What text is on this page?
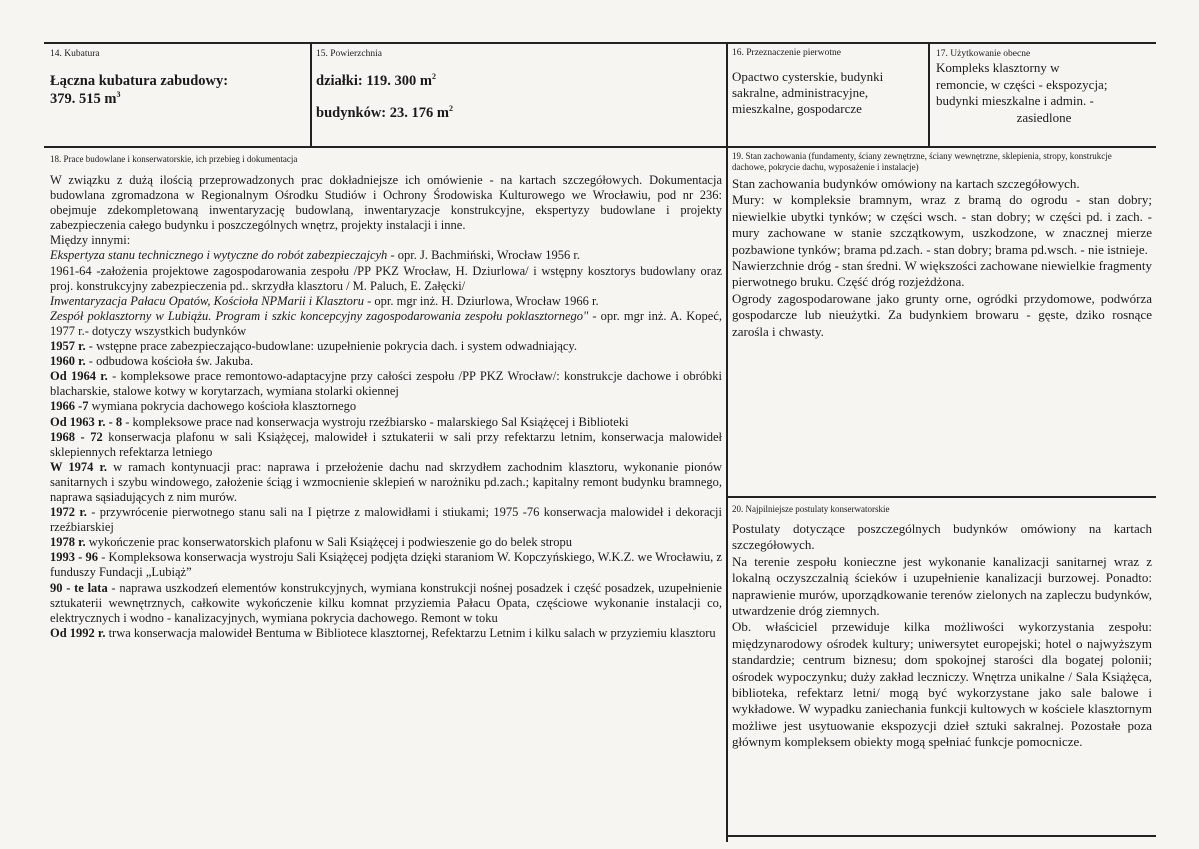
14. Kubatura

Łączna kubatura zabudowy:
379. 515 $m^3$

15. Powierzchnia

działki: 119. 300 $m^2$
budynków: 23. 176 $m^2$

16. Przeznaczenie pierwotne

Opactwo cysterskie, budynki
sakralne, administracyjne,
mieszkalne, gospodarcze

17. Użytkowanie obecne

Kompleks klasztorny w
remoncie, w części - ekspozycja;
budynki mieszkalne i admin. -
zasiedlone

18. Prace budowlane i konserwatorskie, ich przebieg i dokumentacja

W związku z dużą ilością przeprowadzonych prac dokładniejsze ich omówienie - na kartach szczegółowych. Dokumentacja budowlana zgromadzona w Regionalnym Ośrodku Studiów i Ochrony Środowiska Kulturowego we Wrocławiu, pod nr 236: obejmuje zdekompletowaną inwentaryzację budowlaną, inwentaryzacje konstrukcyjne, ekspertyzy budowlane i projekty zabezpieczenia całego budynku i poszczególnych wnętrz, projekty instalacji i inne.

Między innymi:

Ekspertyza stanu technicznego i wytyczne do robót zabezpieczajcyh - opr. J. Bachmiński, Wrocław 1956 r.

1961-64 -założenia projektowe zagospodarowania zespołu /PP PKZ Wrocław, H. Dziurlowa/ i wstępny kosztorys budowlany oraz proj. konstrukcyjny zabezpieczenia pd.. skrzydła klasztoru / M. Paluch, E. Załęcki/

Inwentaryzacja Pałacu Opatów, Kościoła NPMarii i Klasztoru - opr. mgr inż. H. Dziurlowa, Wrocław 1966 r.

Zespół poklasztorny w Lubiążu. Program i szkic koncepcyjny zagospodarowania zespołu poklasztornego" - opr. mgr inż. A. Kopeć, 1977 r.- dotyczy wszystkich budynków

1957 r. - wstępne prace zabezpieczająco-budowlane: uzupełnienie pokrycia dach. i system odwadniający.

1960 r. - odbudowa kościoła św. Jakuba.

Od 1964 r. - kompleksowe prace remontowo-adaptacyjne przy całości zespołu /PP PKZ Wrocław/: konstrukcje dachowe i obróbki blacharskie, stalowe kotwy w korytarzach, wymiana stolarki okiennej

1966 -7 wymiana pokrycia dachowego kościoła klasztornego

Od 1963 r. - 8 - kompleksowe prace nad konserwacja wystroju rzeźbiarsko - malarskiego Sal Książęcej i Biblioteki

1968 - 72 konserwacja plafonu w sali Książęcej, malowideł i sztukaterii w sali przy refektarzu letnim, konserwacja malowideł sklepiennych refektarza letniego

W 1974 r. w ramach kontynuacji prac: naprawa i przełożenie dachu nad skrzydłem zachodnim klasztoru, wykonanie pionów sanitarnych i szybu windowego, założenie ściąg i wzmocnienie sklepień w narożniku pd.zach.; kapitalny remont budynku bramnego, naprawa sąsiadujących z nim murów.

1972 r. - przywrócenie pierwotnego stanu sali na I piętrze z malowidłami i stiukami; 1975 -76 konserwacja malowideł i dekoracji rzeźbiarskiej

1978 r. wykończenie prac konserwatorskich plafonu w Sali Książęcej i podwieszenie go do belek stropu

1993 - 96 - Kompleksowa konserwacja wystroju Sali Książęcej podjęta dzięki staraniom W. Kopczyńskiego, W.K.Z. we Wrocławiu, z funduszy Fundacji „Lubiąż”

90 - te lata - naprawa uszkodzeń elementów konstrukcyjnych, wymiana konstrukcji nośnej posadzek i część posadzek, uzupełnienie sztukaterii wewnętrznych, całkowite wykończenie kilku komnat przyziemia Pałacu Opata, częściowe wykonanie instalacji co, elektrycznych i wodno - kanalizacyjnych, wymiana pokrycia dachowego. Remont w toku

Od 1992 r. trwa konserwacja malowideł Bentuma w Bibliotece klasztornej, Refektarzu Letnim i kilku salach w przyziemiu klasztoru

19. Stan zachowania (fundamenty, ściany zewnętrzne, ściany wewnętrzne, sklepienia, stropy, konstrukcje dachowe, pokrycie dachu, wyposażenie i instalacje)

Stan zachowania budynków omówiony na kartach szczegółowych.

Mury: w kompleksie bramnym, wraz z bramą do ogrodu - stan dobry; niewielkie ubytki tynków; w części wsch. - stan dobry; w części pd. i zach. - mury zachowane w stanie szczątkowym, uszkodzone, w znacznej mierze pozbawione tynków; brama pd.zach. - stan dobry; brama pd.wsch. - nie istnieje.

Nawierzchnie dróg - stan średni. W większości zachowane niewielkie fragmenty pierwotnego bruku. Część dróg rozjeżdżona.

Ogrody zagospodarowane jako grunty orne, ogródki przydomowe, podwórza gospodarcze lub nieużytki. Za budynkiem browaru - gęste, dziko rosnące zarośla i chwasty.

20. Najpilniejsze postulaty konserwatorskie

Postulaty dotyczące poszczególnych budynków omówiony na kartach szczegółowych.

Na terenie zespołu konieczne jest wykonanie kanalizacji sanitarnej wraz z lokalną oczyszczalnią ścieków i uzupełnienie kanalizacji burzowej. Ponadto: naprawienie murów, uporządkowanie terenów zielonych na zapleczu budynków, utwardzenie dróg ziemnych.

Ob. właściciel przewiduje kilka możliwości wykorzystania zespołu: międzynarodowy ośrodek kultury; uniwersytet europejski; hotel o najwyższym standardzie; centrum biznesu; dom spokojnej starości dla bogatej polonii; ośrodek wypoczynku; duży zakład leczniczy. Wnętrza unikalne / Sala Książęca, biblioteka, refektarz letni/ mogą być wykorzystane jako sale balowe i wykładowe. W wypadku zaniechania funkcji kultowych w kościele klasztornym możliwe jest usytuowanie ekspozycji dzieł sztuki sakralnej. Pozostałe poza głównym kompleksem obiekty mogą spełniać funkcje pomocnicze.
